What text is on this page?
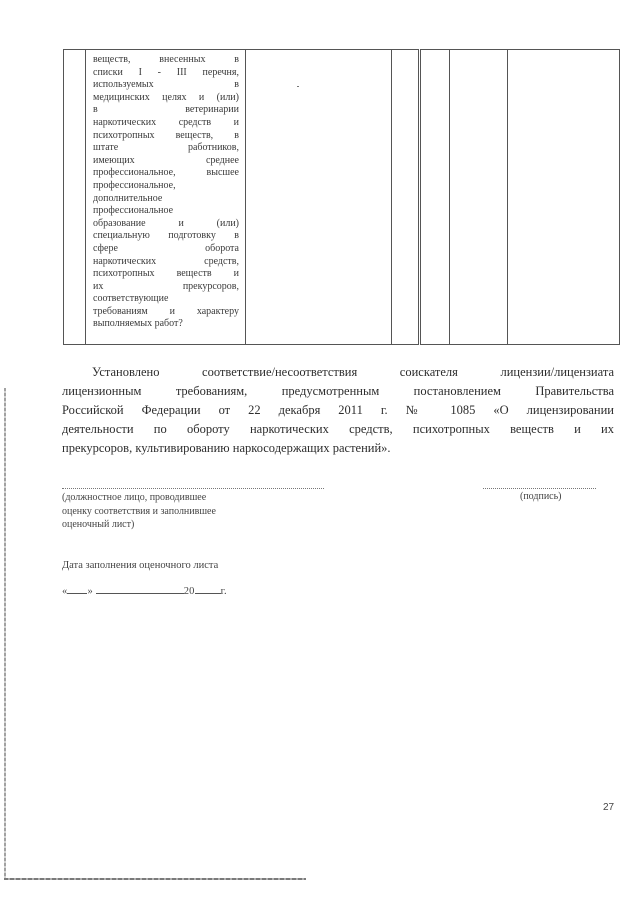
веществ, внесенных в
списки I - III перечня,
используемых в
медицинских целях и (или)
в ветеринарии
наркотических средств и
психотропных веществ, в
штате работников,
имеющих среднее
профессиональное, высшее
профессиональное,
дополнительное
профессиональное
образование и (или)
специальную подготовку в
сфере оборота
наркотических средств,
психотропных веществ и
их прекурсоров,
соответствующие
требованиям и характеру
выполняемых работ?

Установлено соответствие/несоответствия соискателя лицензии/лицензиата
лицензионным требованиям, предусмотренным постановлением Правительства
Российской Федерации от 22 декабря 2011 г. № 1085 «О лицензировании
деятельности по обороту наркотических средств, психотропных веществ и их
прекурсоров, культивированию наркосодержащих растений».
(должностное лицо, проводившее
оценку соответствия и заполнившее
оценочный лист)
(подпись)
Дата заполнения оценочного листа
« »	20 г.
27
